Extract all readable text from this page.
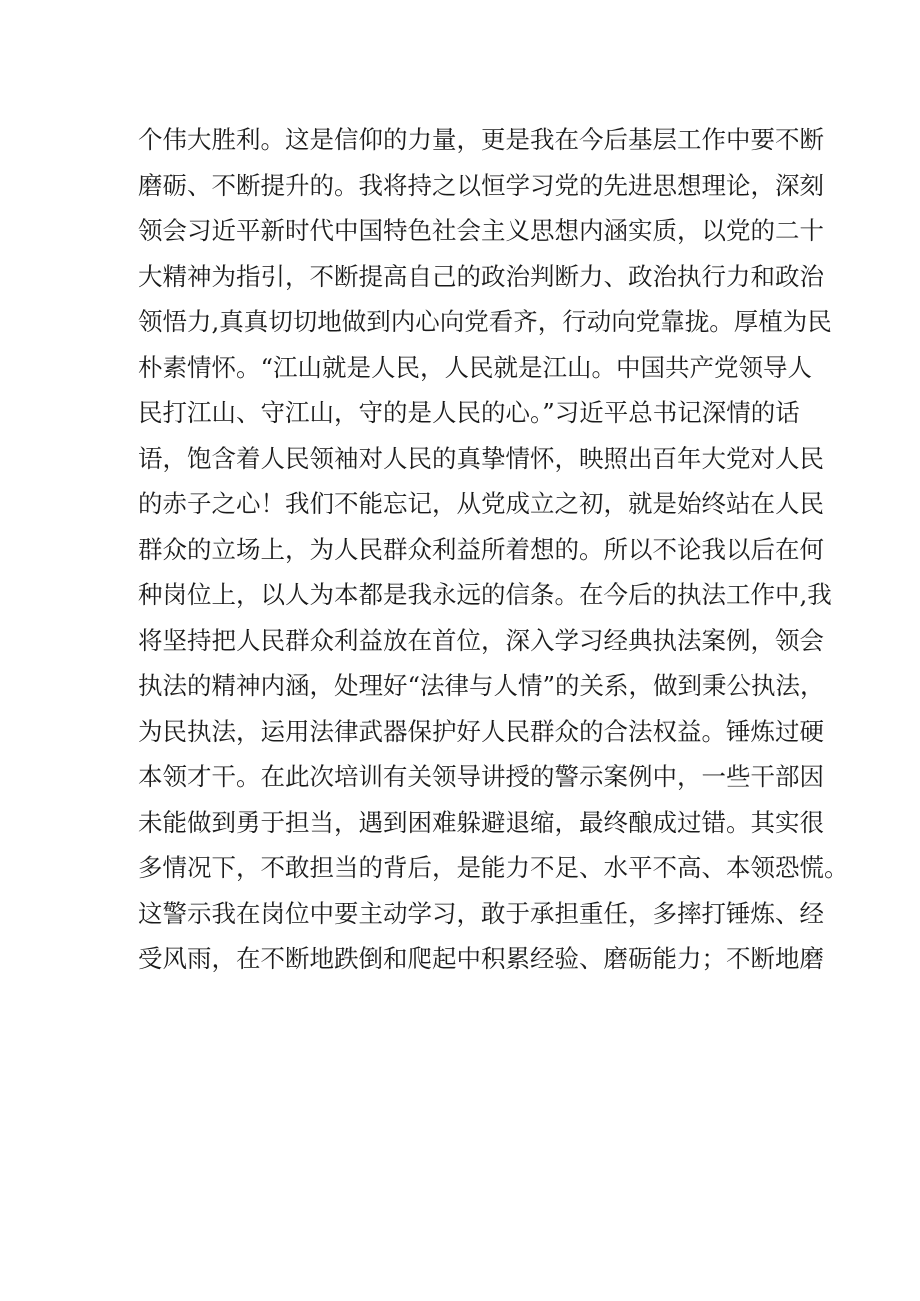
个伟大胜利。这是信仰的力量，更是我在今后基层工作中要不断
磨砺、不断提升的。我将持之以恒学习党的先进思想理论，深刻
领会习近平新时代中国特色社会主义思想内涵实质，以党的二十
大精神为指引，不断提高自己的政治判断力、政治执行力和政治
领悟力,真真切切地做到内心向党看齐，行动向党靠拢。厚植为民
朴素情怀。“江山就是人民，人民就是江山。中国共产党领导人
民打江山、守江山，守的是人民的心。”习近平总书记深情的话
语，饱含着人民领袖对人民的真挚情怀，映照出百年大党对人民
的赤子之心！我们不能忘记，从党成立之初，就是始终站在人民
群众的立场上，为人民群众利益所着想的。所以不论我以后在何
种岗位上，以人为本都是我永远的信条。在今后的执法工作中,我
将坚持把人民群众利益放在首位，深入学习经典执法案例，领会
执法的精神内涵，处理好“法律与人情”的关系，做到秉公执法，
为民执法，运用法律武器保护好人民群众的合法权益。锤炼过硬
本领才干。在此次培训有关领导讲授的警示案例中，一些干部因
未能做到勇于担当，遇到困难躲避退缩，最终酿成过错。其实很
多情况下，不敢担当的背后，是能力不足、水平不高、本领恐慌。
这警示我在岗位中要主动学习，敢于承担重任，多摔打锤炼、经
受风雨，在不断地跌倒和爬起中积累经验、磨砺能力；不断地磨
